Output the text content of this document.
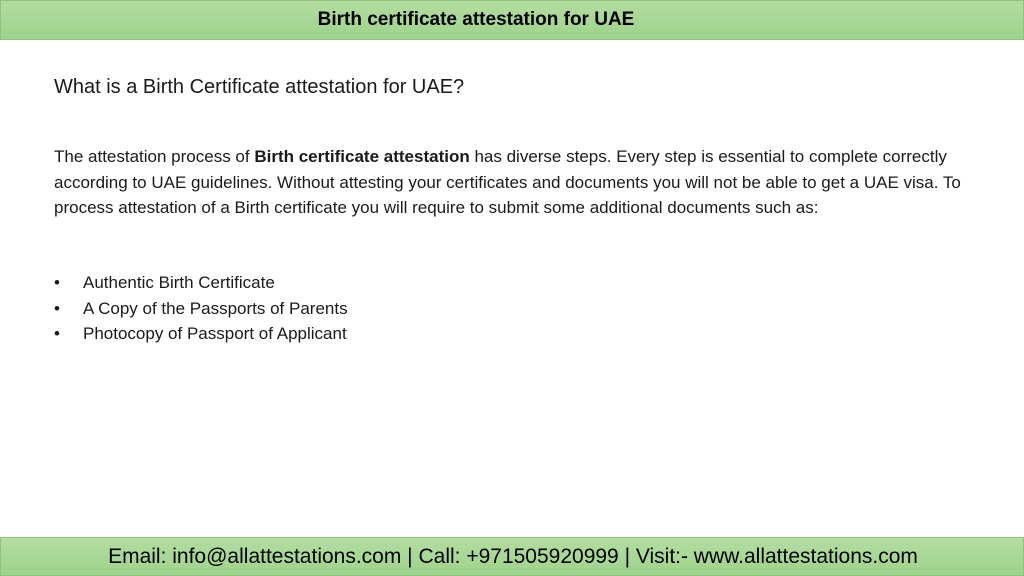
Birth certificate attestation for UAE
What is a Birth Certificate attestation for UAE?

The attestation process of Birth certificate attestation has diverse steps. Every step is essential to complete correctly according to UAE guidelines. Without attesting your certificates and documents you will not be able to get a UAE visa. To process attestation of a Birth certificate you will require to submit some additional documents such as:

•	Authentic Birth Certificate
•	A Copy of the Passports of Parents
•	Photocopy of Passport of Applicant
Email: info@allattestations.com | Call: +971505920999 | Visit:- www.allattestations.com
